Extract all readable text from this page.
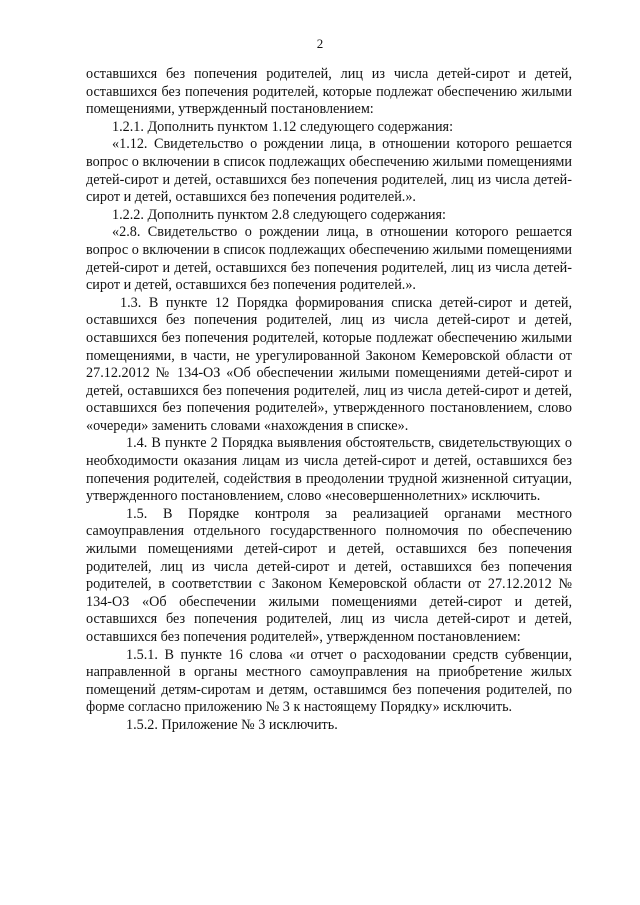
2

оставшихся без попечения родителей, лиц из числа детей-сирот и детей, оставшихся без попечения родителей, которые подлежат обеспечению жилыми помещениями, утвержденный постановлением:

1.2.1. Дополнить пунктом 1.12 следующего содержания:

«1.12. Свидетельство о рождении лица, в отношении которого решается вопрос о включении в список подлежащих обеспечению жилыми помещениями детей-сирот и детей, оставшихся без попечения родителей, лиц из числа детей-сирот и детей, оставшихся без попечения родителей.».

1.2.2. Дополнить пунктом 2.8 следующего содержания:

«2.8. Свидетельство о рождении лица, в отношении которого решается вопрос о включении в список подлежащих обеспечению жилыми помещениями детей-сирот и детей, оставшихся без попечения родителей, лиц из числа детей-сирот и детей, оставшихся без попечения родителей.».

1.3. В пункте 12 Порядка формирования списка детей-сирот и детей, оставшихся без попечения родителей, лиц из числа детей-сирот и детей, оставшихся без попечения родителей, которые подлежат обеспечению жилыми помещениями, в части, не урегулированной Законом Кемеровской области от 27.12.2012 № 134-ОЗ «Об обеспечении жилыми помещениями детей-сирот и детей, оставшихся без попечения родителей, лиц из числа детей-сирот и детей, оставшихся без попечения родителей», утвержденного постановлением, слово «очереди» заменить словами «нахождения в списке».

1.4. В пункте 2 Порядка выявления обстоятельств, свидетельствующих о необходимости оказания лицам из числа детей-сирот и детей, оставшихся без попечения родителей, содействия в преодолении трудной жизненной ситуации, утвержденного постановлением, слово «несовершеннолетних» исключить.

1.5. В Порядке контроля за реализацией органами местного самоуправления отдельного государственного полномочия по обеспечению жилыми помещениями детей-сирот и детей, оставшихся без попечения родителей, лиц из числа детей-сирот и детей, оставшихся без попечения родителей, в соответствии с Законом Кемеровской области от 27.12.2012 № 134-ОЗ «Об обеспечении жилыми помещениями детей-сирот и детей, оставшихся без попечения родителей, лиц из числа детей-сирот и детей, оставшихся без попечения родителей», утвержденном постановлением:

1.5.1. В пункте 16 слова «и отчет о расходовании средств субвенции, направленной в органы местного самоуправления на приобретение жилых помещений детям-сиротам и детям, оставшимся без попечения родителей, по форме согласно приложению № 3 к настоящему Порядку» исключить.

1.5.2. Приложение № 3 исключить.
